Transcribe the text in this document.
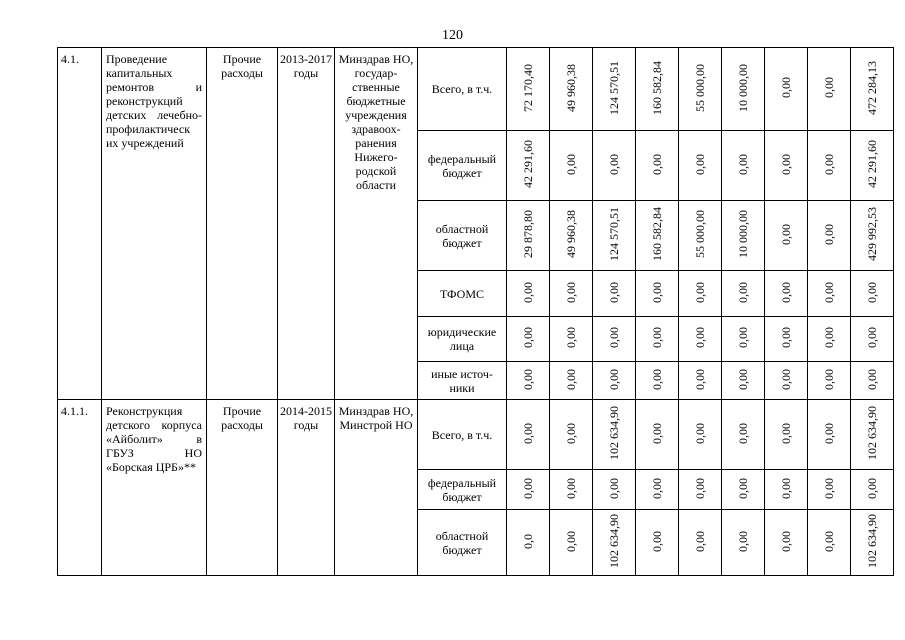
120
4.1.	Проведение капитальных ремонтов и реконструкций детских лечебно-профилактическ их учреждений	Прочие расходы	2013-2017 годы	Минздрав НО, государ-ственные бюджетные учреждения здравоох-ранения Нижего-родской области	Всего, в т.ч.	72 170,40	49 960,38	124 570,51	160 582,84	55 000,00	10 000,00	0,00	0,00	472 284,13
					федеральный бюджет	42 291,60	0,00	0,00	0,00	0,00	0,00	0,00	0,00	42 291,60
					областной бюджет	29 878,80	49 960,38	124 570,51	160 582,84	55 000,00	10 000,00	0,00	0,00	429 992,53
					ТФОМС	0,00	0,00	0,00	0,00	0,00	0,00	0,00	0,00	0,00
					юридические лица	0,00	0,00	0,00	0,00	0,00	0,00	0,00	0,00	0,00
					иные источ-ники	0,00	0,00	0,00	0,00	0,00	0,00	0,00	0,00	0,00
4.1.1.	Реконструкция детского корпуса «Айболит» в ГБУЗ НО «Борская ЦРБ»**	Прочие расходы	2014-2015 годы	Минздрав НО, Минстрой НО	Всего, в т.ч.	0,00	0,00	102 634,90	0,00	0,00	0,00	0,00	0,00	102 634,90
					федеральный бюджет	0,00	0,00	0,00	0,00	0,00	0,00	0,00	0,00	0,00
					областной бюджет	0,0	0,00	102 634,90	0,00	0,00	0,00	0,00	0,00	102 634,90
